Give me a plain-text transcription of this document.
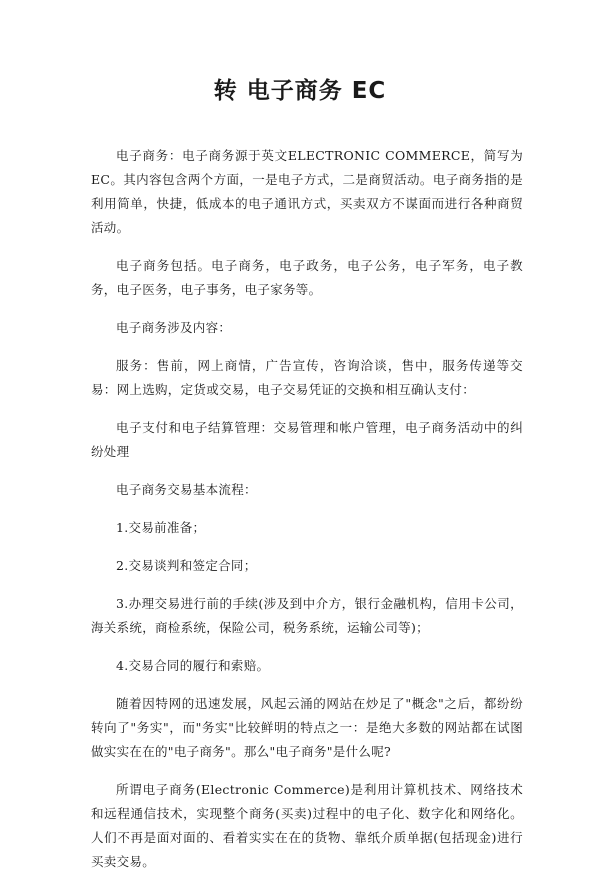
转 电子商务 EC

电子商务：电子商务源于英文ELECTRONIC COMMERCE，简写为EC。其内容包含两个方面，一是电子方式，二是商贸活动。电子商务指的是利用简单，快捷，低成本的电子通讯方式，买卖双方不谋面而进行各种商贸活动。

电子商务包括。电子商务，电子政务，电子公务，电子军务，电子教务，电子医务，电子事务，电子家务等。

电子商务涉及内容：

服务：售前，网上商情，广告宣传，咨询洽谈，售中，服务传递等交易：网上选购，定货或交易，电子交易凭证的交换和相互确认支付：

电子支付和电子结算管理：交易管理和帐户管理，电子商务活动中的纠纷处理

电子商务交易基本流程：

1.交易前准备；

2.交易谈判和签定合同；

3.办理交易进行前的手续(涉及到中介方，银行金融机构，信用卡公司，海关系统，商检系统，保险公司，税务系统，运输公司等)；

4.交易合同的履行和索赔。

随着因特网的迅速发展，风起云涌的网站在炒足了"概念"之后，都纷纷转向了"务实"，而"务实"比较鲜明的特点之一：是绝大多数的网站都在试图做实实在在的"电子商务"。那么"电子商务"是什么呢?

所谓电子商务(Electronic Commerce)是利用计算机技术、网络技术和远程通信技术，实现整个商务(买卖)过程中的电子化、数字化和网络化。人们不再是面对面的、看着实实在在的货物、靠纸介质单据(包括现金)进行买卖交易。
